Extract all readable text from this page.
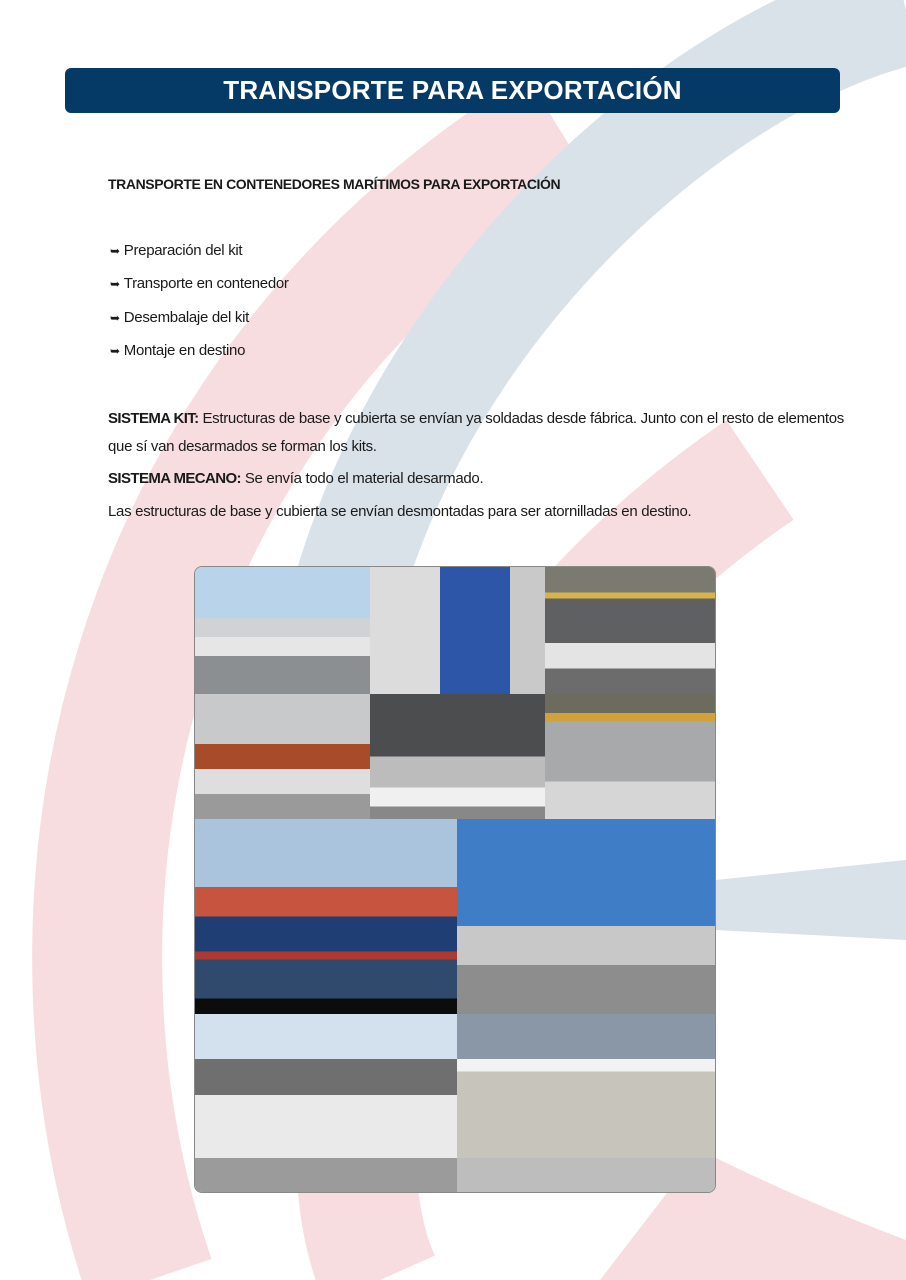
TRANSPORTE PARA EXPORTACIÓN
TRANSPORTE EN CONTENEDORES MARÍTIMOS PARA EXPORTACIÓN
➥ Preparación del kit
➥ Transporte en contenedor
➥ Desembalaje del kit
➥ Montaje en destino
SISTEMA KIT: Estructuras de base y cubierta se envían ya soldadas desde fábrica. Junto con el resto de elementos que sí van desarmados se forman los kits.
SISTEMA MECANO: Se envía todo el material desarmado.
Las estructuras de base y cubierta se envían desmontadas para ser atornilladas en destino.
